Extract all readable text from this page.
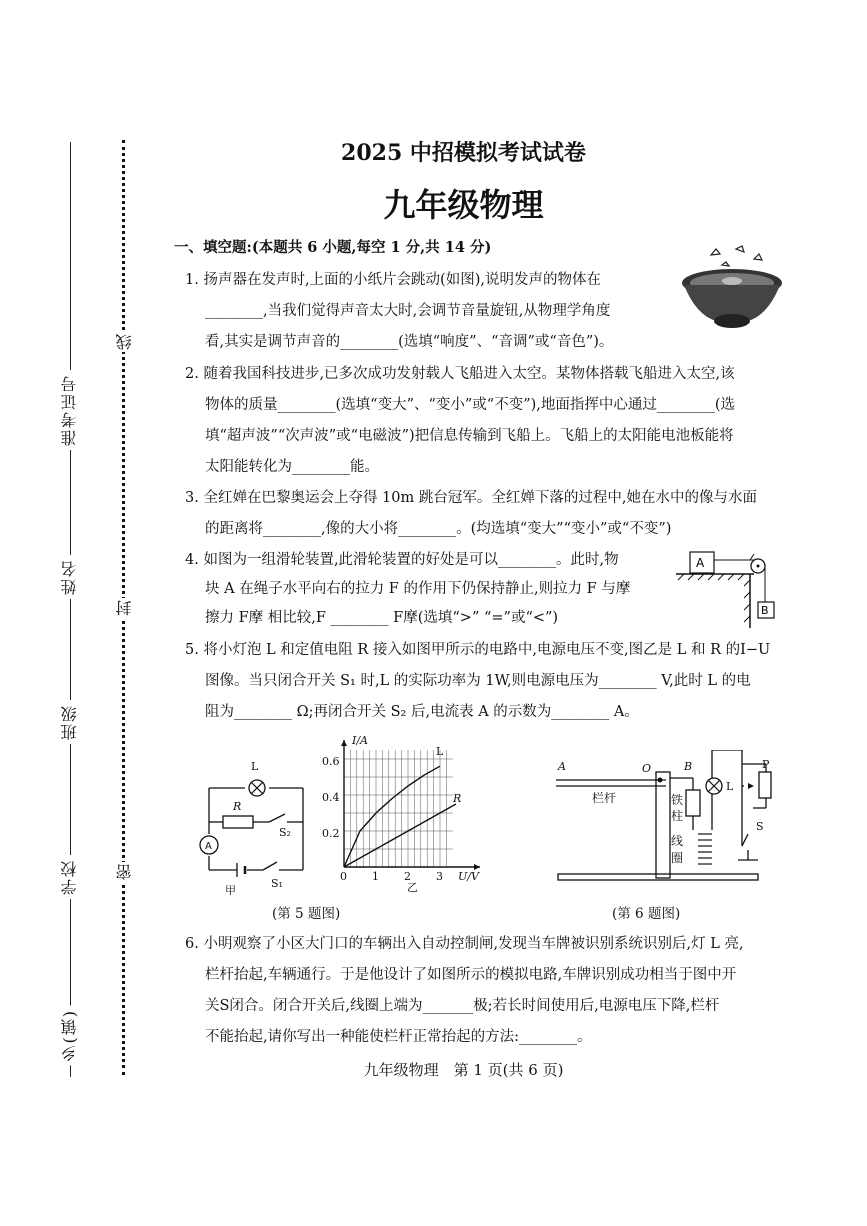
准考证号
姓名
班级
学校
乡(镇)
线
封
密
2025 中招模拟考试试卷
九年级物理
一、填空题:(本题共 6 小题,每空 1 分,共 14 分)
1. 扬声器在发声时,上面的小纸片会跳动(如图),说明发声的物体在
________,当我们觉得声音太大时,会调节音量旋钮,从物理学角度
看,其实是调节声音的________(选填“响度”、“音调”或“音色”)。
2. 随着我国科技进步,已多次成功发射载人飞船进入太空。某物体搭载飞船进入太空,该
物体的质量________(选填“变大”、“变小”或“不变”),地面指挥中心通过________(选
填“超声波”“次声波”或“电磁波”)把信息传输到飞船上。飞船上的太阳能电池板能将
太阳能转化为________能。
3. 全红婵在巴黎奥运会上夺得 10m 跳台冠军。全红婵下落的过程中,她在水中的像与水面
的距离将________,像的大小将________。(均选填“变大”“变小”或“不变”)
4. 如图为一组滑轮装置,此滑轮装置的好处是可以________。此时,物
块 A 在绳子水平向右的拉力 F 的作用下仍保持静止,则拉力 F 与摩
擦力 F摩 相比较,F ________ F摩(选填“>” “=”或“<”)
A
B
5. 将小灯泡 L 和定值电阻 R 接入如图甲所示的电路中,电源电压不变,图乙是 L 和 R 的I−U
图像。当只闭合开关 S₁ 时,L 的实际功率为 1W,则电源电压为________ V,此时 L 的电
阻为________ Ω;再闭合开关 S₂ 后,电流表 A 的示数为________ A。
L
R
S₂
A
S₁
甲
I/A
U/V
0.6
0.4
0.2
0 1 2 3
L
R
乙
A	O	B
栏杆	铁
柱
线
圈
L
P
S
(第 5 题图)	(第 6 题图)
6. 小明观察了小区大门口的车辆出入自动控制闸,发现当车牌被识别系统识别后,灯 L 亮,
栏杆抬起,车辆通行。于是他设计了如图所示的模拟电路,车牌识别成功相当于图中开
关S闭合。闭合开关后,线圈上端为_______极;若长时间使用后,电源电压下降,栏杆
不能抬起,请你写出一种能使栏杆正常抬起的方法:________。
九年级物理　第 1 页(共 6 页)
